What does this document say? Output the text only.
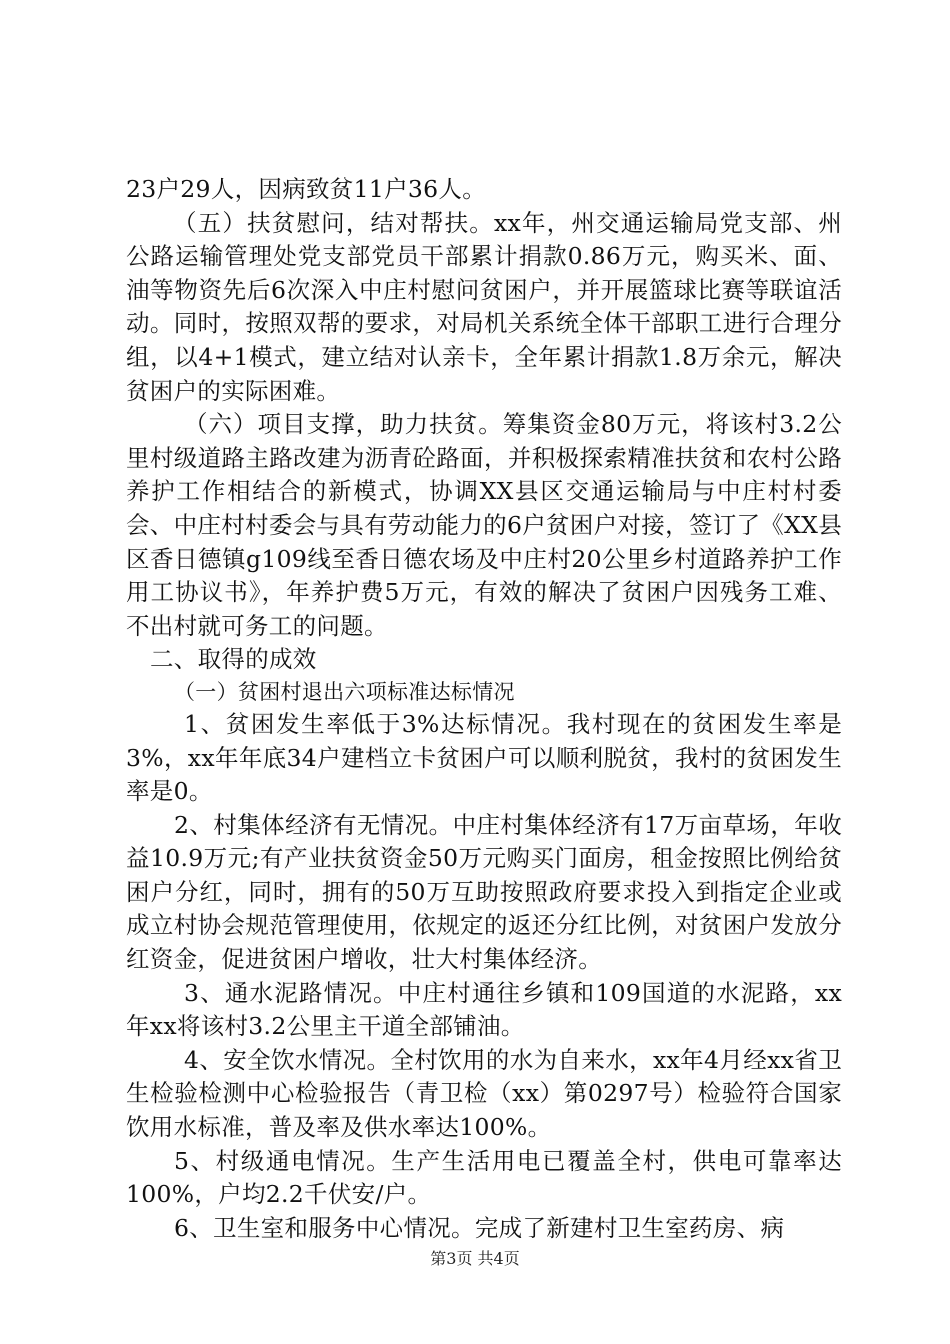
23户29人，因病致贫11户36人。

（五）扶贫慰问，结对帮扶。xx年，州交通运输局党支部、州公路运输管理处党支部党员干部累计捐款0.86万元，购买米、面、油等物资先后6次深入中庄村慰问贫困户，并开展篮球比赛等联谊活动。同时，按照双帮的要求，对局机关系统全体干部职工进行合理分组，以4+1模式，建立结对认亲卡，全年累计捐款1.8万余元，解决贫困户的实际困难。

（六）项目支撑，助力扶贫。筹集资金80万元，将该村3.2公里村级道路主路改建为沥青砼路面，并积极探索精准扶贫和农村公路养护工作相结合的新模式，协调XX县区交通运输局与中庄村村委会、中庄村村委会与具有劳动能力的6户贫困户对接，签订了《XX县区香日德镇g109线至香日德农场及中庄村20公里乡村道路养护工作用工协议书》，年养护费5万元，有效的解决了贫困户因残务工难、不出村就可务工的问题。

二、取得的成效

（一）贫困村退出六项标准达标情况

1、贫困发生率低于3%达标情况。我村现在的贫困发生率是3%，xx年年底34户建档立卡贫困户可以顺利脱贫，我村的贫困发生率是0。

2、村集体经济有无情况。中庄村集体经济有17万亩草场，年收益10.9万元;有产业扶贫资金50万元购买门面房，租金按照比例给贫困户分红，同时，拥有的50万互助按照政府要求投入到指定企业或成立村协会规范管理使用，依规定的返还分红比例，对贫困户发放分红资金，促进贫困户增收，壮大村集体经济。

3、通水泥路情况。中庄村通往乡镇和109国道的水泥路，xx年xx将该村3.2公里主干道全部铺油。

4、安全饮水情况。全村饮用的水为自来水，xx年4月经xx省卫生检验检测中心检验报告（青卫检（xx）第0297号）检验符合国家饮用水标准，普及率及供水率达100%。

5、村级通电情况。生产生活用电已覆盖全村，供电可靠率达100%，户均2.2千伏安/户。

6、卫生室和服务中心情况。完成了新建村卫生室药房、病

第3页 共4页
